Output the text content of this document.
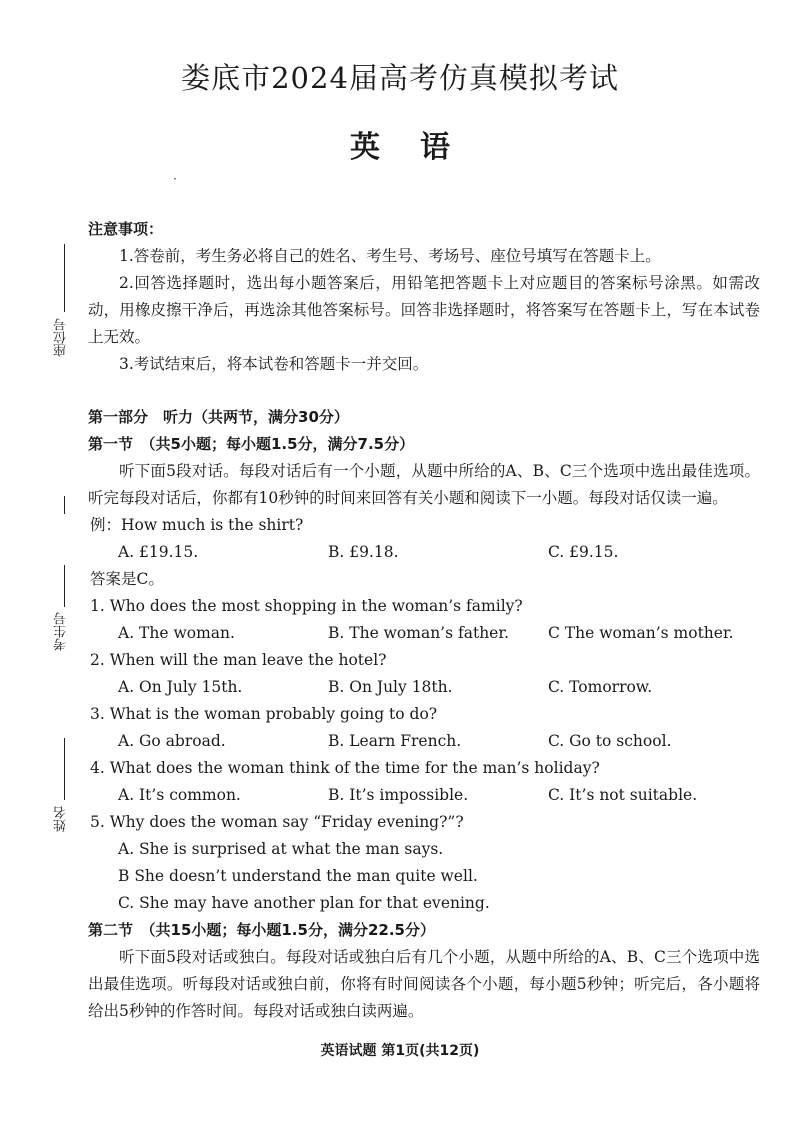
娄底市2024届高考仿真模拟考试
英语
·
座位号
考生号
姓名
注意事项：
1.答卷前，考生务必将自己的姓名、考生号、考场号、座位号填写在答题卡上。
2.回答选择题时，选出每小题答案后，用铅笔把答题卡上对应题目的答案标号涂黑。如需改动，用橡皮擦干净后，再选涂其他答案标号。回答非选择题时，将答案写在答题卡上，写在本试卷上无效。
3.考试结束后，将本试卷和答题卡一并交回。
第一部分　听力（共两节，满分30分）
第一节　（共5小题；每小题1.5分，满分7.5分）
听下面5段对话。每段对话后有一个小题，从题中所给的A、B、C三个选项中选出最佳选项。听完每段对话后，你都有10秒钟的时间来回答有关小题和阅读下一小题。每段对话仅读一遍。
例：How much is the shirt?
A. £19.15.	B. £9.18.	C. £9.15.
答案是C。
1. Who does the most shopping in the woman’s family?
A. The woman.	B. The woman’s father.	C The woman’s mother.
2. When will the man leave the hotel?
A. On July 15th.	B. On July 18th.	C. Tomorrow.
3. What is the woman probably going to do?
A. Go abroad.	B. Learn French.	C. Go to school.
4. What does the woman think of the time for the man’s holiday?
A. It’s common.	B. It’s impossible.	C. It’s not suitable.
5. Why does the woman say “Friday evening?”?
A. She is surprised at what the man says.
B She doesn’t understand the man quite well.
C. She may have another plan for that evening.
第二节　（共15小题；每小题1.5分，满分22.5分）
听下面5段对话或独白。每段对话或独白后有几个小题，从题中所给的A、B、C三个选项中选出最佳选项。听每段对话或独白前，你将有时间阅读各个小题，每小题5秒钟；听完后，各小题将给出5秒钟的作答时间。每段对话或独白读两遍。
英语试题 第1页(共12页)
